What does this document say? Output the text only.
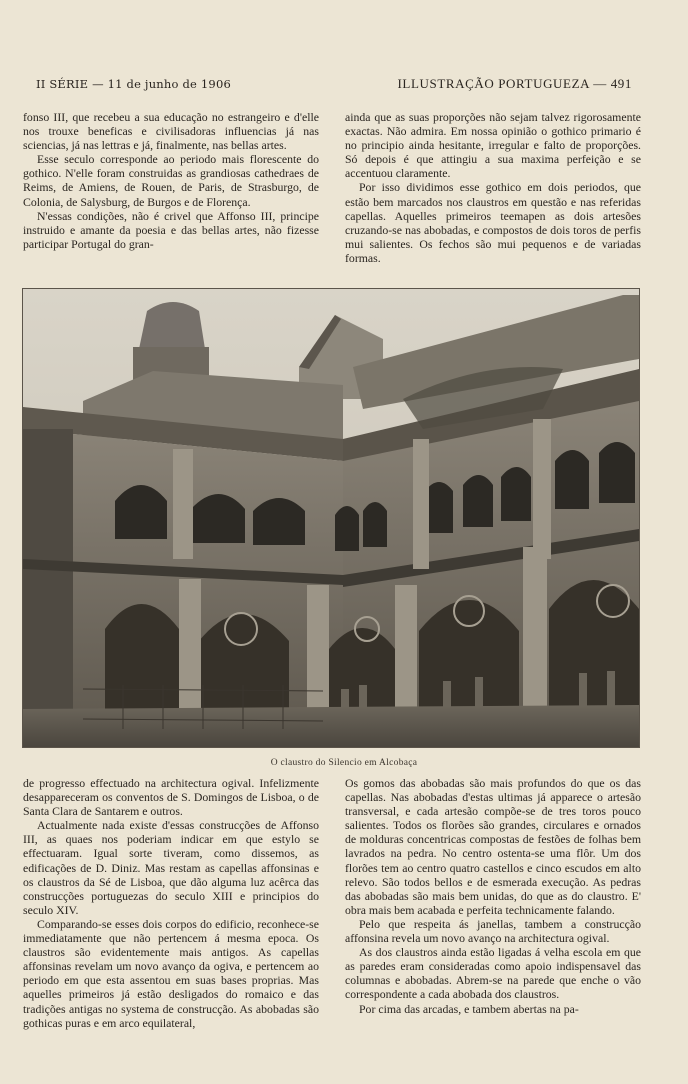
II SÉRIE — 11 de junho de 1906	ILLUSTRAÇÃO PORTUGUEZA — 491

fonso III, que recebeu a sua educação no estrangeiro e d'elle nos trouxe beneficas e civilisadoras influencias já nas sciencias, já nas lettras e já, finalmente, nas bellas artes.

Esse seculo corresponde ao periodo mais florescente do gothico. N'elle foram construidas as grandiosas cathedraes de Reims, de Amiens, de Rouen, de Paris, de Strasburgo, de Colonia, de Salysburg, de Burgos e de Florença.

N'essas condições, não é crivel que Affonso III, principe instruido e amante da poesia e das bellas artes, não fizesse participar Portugal do gran-

ainda que as suas proporções não sejam talvez rigorosamente exactas. Não admira. Em nossa opinião o gothico primario é no principio ainda hesitante, irregular e falto de proporções. Só depois é que attingiu a sua maxima perfeição e se accentuou claramente.

Por isso dividimos esse gothico em dois periodos, que estão bem marcados nos claustros em questão e nas referidas capellas. Aquelles primeiros teemapen as dois artesões cruzando-se nas abobadas, e compostos de dois toros de perfis mui salientes. Os fechos são mui pequenos e de variadas formas.

O claustro do Silencio em Alcobaça

de progresso effectuado na architectura ogival. Infelizmente desappareceram os conventos de S. Domingos de Lisboa, o de Santa Clara de Santarem e outros.

Actualmente nada existe d'essas construcções de Affonso III, as quaes nos poderiam indicar em que estylo se effectuaram. Igual sorte tiveram, como dissemos, as edificações de D. Diniz. Mas restam as capellas affonsinas e os claustros da Sé de Lisboa, que dão alguma luz acêrca das construcções portuguezas do seculo XIII e principios do seculo XIV.

Comparando-se esses dois corpos do edificio, reconhece-se immediatamente que não pertencem á mesma epoca. Os claustros são evidentemente mais antigos. As capellas affonsinas revelam um novo avanço da ogiva, e pertencem ao periodo em que esta assentou em suas bases proprias. Mas aquelles primeiros já estão desligados do romaico e das tradições antigas no systema de construcção. As abobadas são gothicas puras e em arco equilateral,

Os gomos das abobadas são mais profundos do que os das capellas. Nas abobadas d'estas ultimas já apparece o artesão transversal, e cada artesão compõe-se de tres toros pouco salientes. Todos os florões são grandes, circulares e ornados de molduras concentricas compostas de festões de folhas bem lavrados na pedra. No centro ostenta-se uma flôr. Um dos florões tem ao centro quatro castellos e cinco escudos em alto relevo. São todos bellos e de esmerada execução. As pedras das abobadas são mais bem unidas, do que as do claustro. E' obra mais bem acabada e perfeita technicamente falando.

Pelo que respeita ás janellas, tambem a construcção affonsina revela um novo avanço na architectura ogival.

As dos claustros ainda estão ligadas á velha escola em que as paredes eram consideradas como apoio indispensavel das columnas e abobadas. Abrem-se na parede que enche o vão correspondente a cada abobada dos claustros.

Por cima das arcadas, e tambem abertas na pa-
